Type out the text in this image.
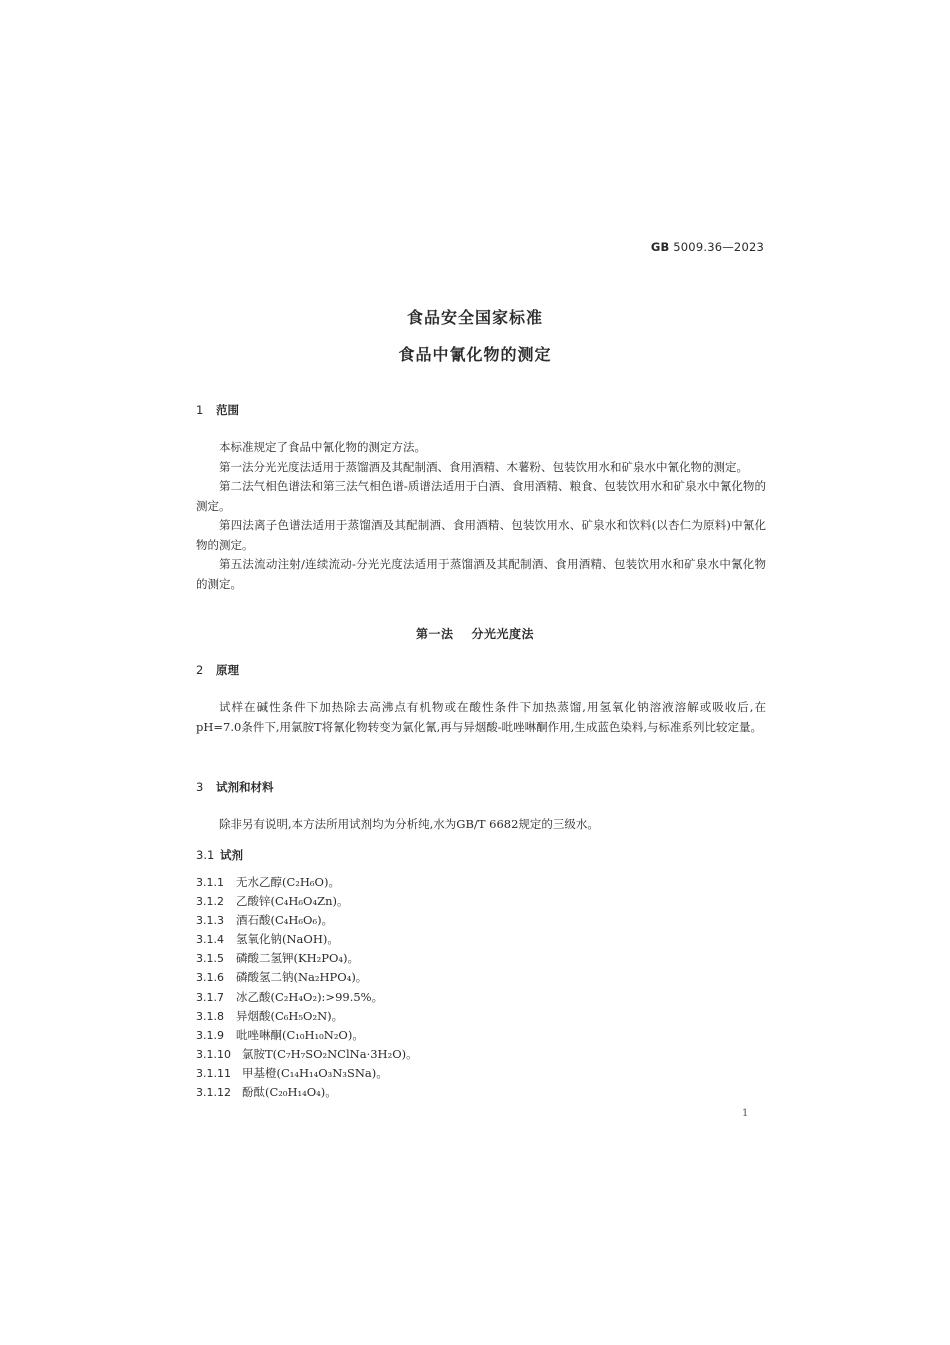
GB 5009.36—2023
食品安全国家标准
食品中氰化物的测定
1 范围

本标准规定了食品中氰化物的测定方法。

第一法分光光度法适用于蒸馏酒及其配制酒、食用酒精、木薯粉、包装饮用水和矿泉水中氰化物的测定。

第二法气相色谱法和第三法气相色谱-质谱法适用于白酒、食用酒精、粮食、包装饮用水和矿泉水中氰化物的测定。

第四法离子色谱法适用于蒸馏酒及其配制酒、食用酒精、包装饮用水、矿泉水和饮料(以杏仁为原料)中氰化物的测定。

第五法流动注射/连续流动-分光光度法适用于蒸馏酒及其配制酒、食用酒精、包装饮用水和矿泉水中氰化物的测定。

第一法 分光光度法
2 原理

试样在碱性条件下加热除去高沸点有机物或在酸性条件下加热蒸馏,用氢氧化钠溶液溶解或吸收后,在pH=7.0条件下,用氯胺T将氰化物转变为氯化氰,再与异烟酸-吡唑啉酮作用,生成蓝色染料,与标准系列比较定量。

3 试剂和材料

除非另有说明,本方法所用试剂均为分析纯,水为GB/T 6682规定的三级水。

3.1 试剂
3.1.1 无水乙醇(C₂H₆O)。
3.1.2 乙酸锌(C₄H₆O₄Zn)。
3.1.3 酒石酸(C₄H₆O₆)。
3.1.4 氢氧化钠(NaOH)。
3.1.5 磷酸二氢钾(KH₂PO₄)。
3.1.6 磷酸氢二钠(Na₂HPO₄)。
3.1.7 冰乙酸(C₂H₄O₂):>99.5%。
3.1.8 异烟酸(C₆H₅O₂N)。
3.1.9 吡唑啉酮(C₁₀H₁₀N₂O)。
3.1.10 氯胺T(C₇H₇SO₂NClNa·3H₂O)。
3.1.11 甲基橙(C₁₄H₁₄O₃N₃SNa)。
3.1.12 酚酞(C₂₀H₁₄O₄)。
1
